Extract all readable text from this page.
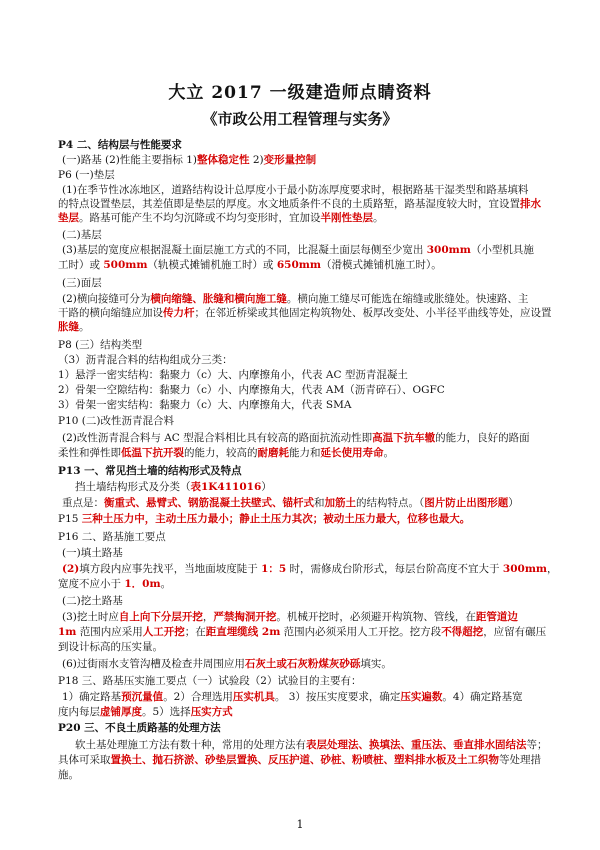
大立 2017 一级建造师点睛资料
《市政公用工程管理与实务》
P4 二、结构层与性能要求
(一)路基 (2)性能主要指标 1)整体稳定性 2)变形量控制
P6 (一)垫层
(1)在季节性冰冻地区，道路结构设计总厚度小于最小防冻厚度要求时，根据路基干湿类型和路基填料
的特点设置垫层，其差值即是垫层的厚度。水文地质条件不良的土质路堑，路基湿度较大时，宜设置排水
垫层。路基可能产生不均匀沉降或不均匀变形时，宜加设半刚性垫层。
(二)基层
(3)基层的宽度应根据混凝土面层施工方式的不同，比混凝土面层每侧至少宽出 300mm（小型机具施
工时）或 500mm（轨模式摊铺机施工时）或 650mm（滑模式摊铺机施工时）。
(三)面层
(2)横向接缝可分为横向缩缝、胀缝和横向施工缝。横向施工缝尽可能选在缩缝或胀缝处。快速路、主
干路的横向缩缝应加设传力杆；在邻近桥梁或其他固定构筑物处、板厚改变处、小半径平曲线等处，应设置
胀缝。
P8 (三）结构类型
（3）沥青混合料的结构组成分三类：
1）悬浮一密实结构：黏聚力（c）大、内摩擦角小，代表 AC 型沥青混凝土
2）骨架一空隙结构：黏聚力（c）小、内摩擦角大，代表 AM（沥青碎石）、OGFC
3）骨架一密实结构：黏聚力（c）大、内摩擦角大，代表 SMA
P10 (二)改性沥青混合料
(2)改性沥青混合料与 AC 型混合料相比具有较高的路面抗流动性即高温下抗车辙的能力，良好的路面
柔性和弹性即低温下抗开裂的能力，较高的耐磨耗能力和延长使用寿命。
P13 一、常见挡土墙的结构形式及特点
挡土墙结构形式及分类（表1K411016）
重点是：衡重式、悬臂式、钢筋混凝土扶壁式、锚杆式和加筋土的结构特点。（图片防止出图形题）
P15 三种土压力中，主动土压力最小；静止土压力其次；被动土压力最大，位移也最大。
P16 二、路基施工要点
(一)填土路基
(2)填方段内应事先找平，当地面坡度陡于 1：5 时，需修成台阶形式，每层台阶高度不宜大于 300mm，
宽度不应小于 1．0m。
(二)挖土路基
(3)挖土时应自上向下分层开挖，严禁掏洞开挖。机械开挖时，必须避开构筑物、管线，在距管道边
1m 范围内应采用人工开挖；在距直埋缆线 2m 范围内必须采用人工开挖。挖方段不得超挖，应留有碾压
到设计标高的压实量。
(6)过街雨水支管沟槽及检查井周围应用石灰土或石灰粉煤灰砂砾填实。
P18 三、路基压实施工要点（一）试验段（2）试验目的主要有：
1）确定路基预沉量值。2）合理选用压实机具。 3）按压实度要求，确定压实遍数。4）确定路基宽
度内每层虚铺厚度。5）选择压实方式
P20 三、不良土质路基的处理方法
软土基处理施工方法有数十种，常用的处理方法有表层处理法、换填法、重压法、垂直排水固结法等；
具体可采取置换土、抛石挤淤、砂垫层置换、反压护道、砂桩、粉喷桩、塑料排水板及土工织物等处理措
施。
1
